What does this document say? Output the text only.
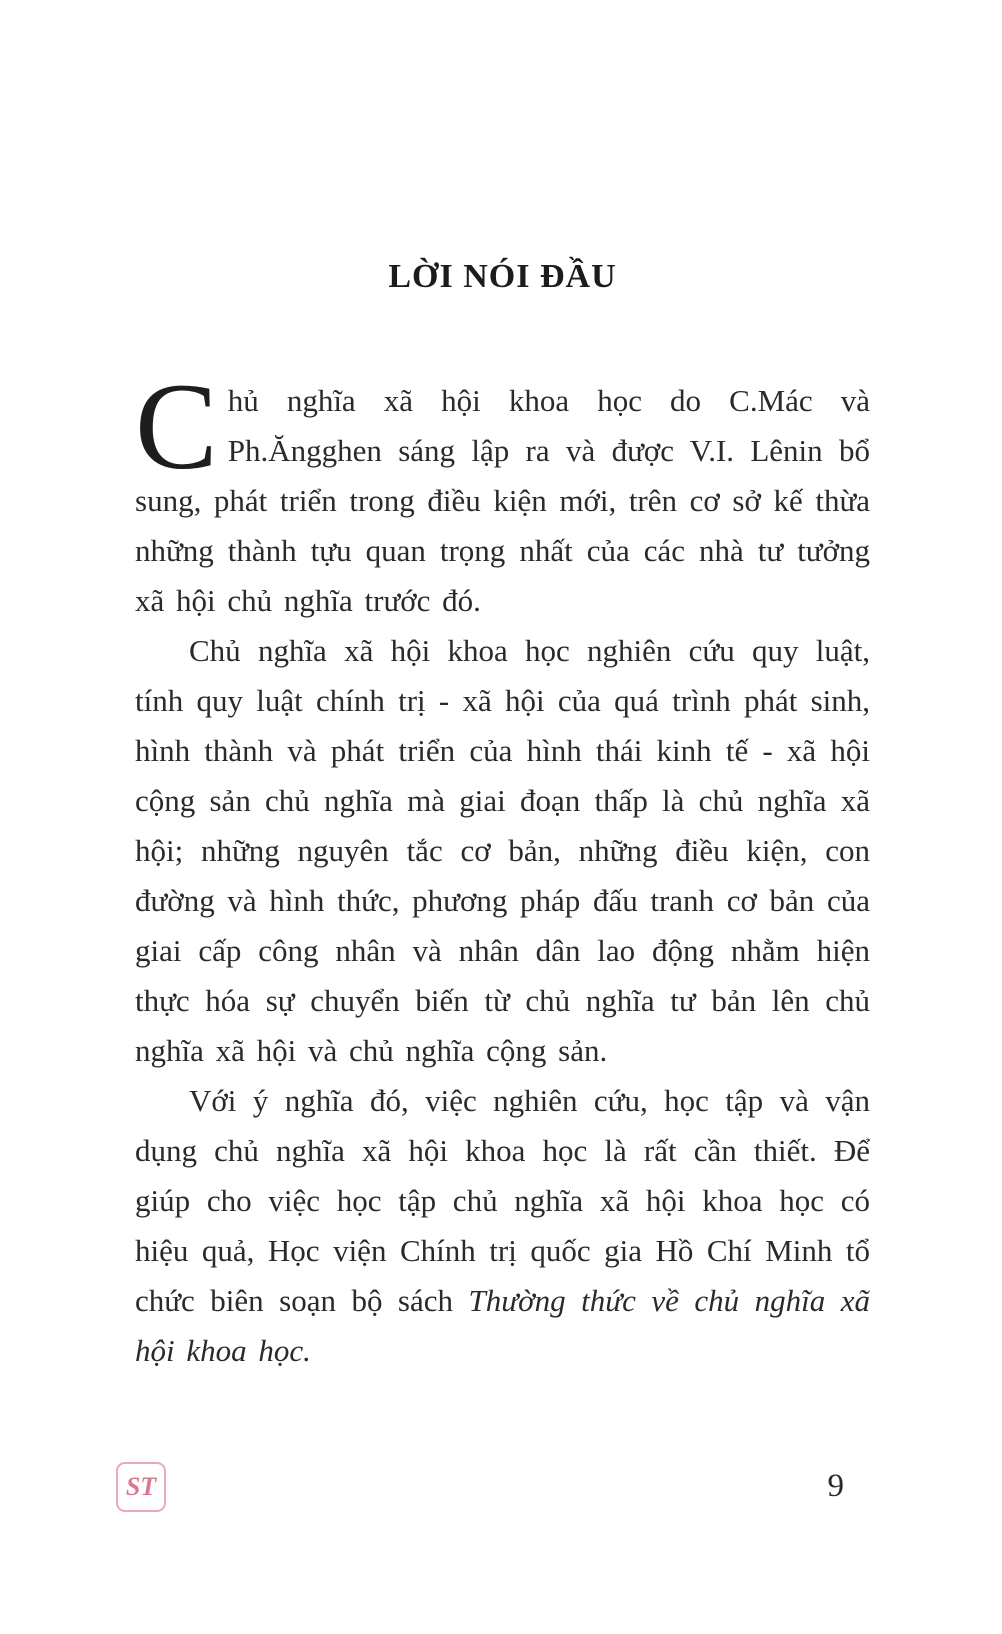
LỜI NÓI ĐẦU

Chủ nghĩa xã hội khoa học do C.Mác và Ph.Ăngghen sáng lập ra và được V.I. Lênin bổ sung, phát triển trong điều kiện mới, trên cơ sở kế thừa những thành tựu quan trọng nhất của các nhà tư tưởng xã hội chủ nghĩa trước đó.

Chủ nghĩa xã hội khoa học nghiên cứu quy luật, tính quy luật chính trị - xã hội của quá trình phát sinh, hình thành và phát triển của hình thái kinh tế - xã hội cộng sản chủ nghĩa mà giai đoạn thấp là chủ nghĩa xã hội; những nguyên tắc cơ bản, những điều kiện, con đường và hình thức, phương pháp đấu tranh cơ bản của giai cấp công nhân và nhân dân lao động nhằm hiện thực hóa sự chuyển biến từ chủ nghĩa tư bản lên chủ nghĩa xã hội và chủ nghĩa cộng sản.

Với ý nghĩa đó, việc nghiên cứu, học tập và vận dụng chủ nghĩa xã hội khoa học là rất cần thiết. Để giúp cho việc học tập chủ nghĩa xã hội khoa học có hiệu quả, Học viện Chính trị quốc gia Hồ Chí Minh tổ chức biên soạn bộ sách Thường thức về chủ nghĩa xã hội khoa học.

ST	9
